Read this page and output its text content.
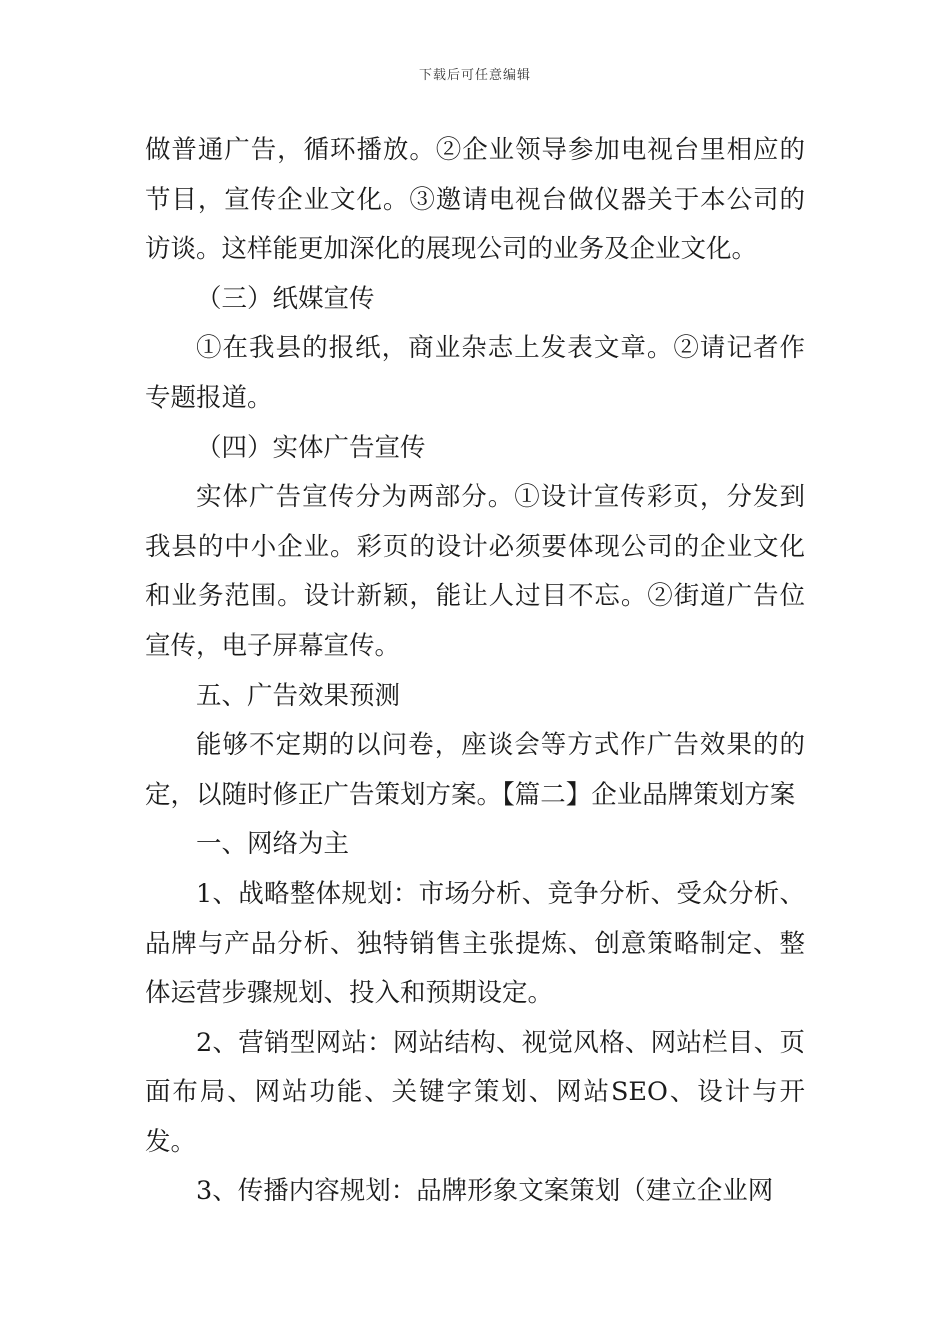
下载后可任意编辑

做普通广告，循环播放。②企业领导参加电视台里相应的节目，宣传企业文化。③邀请电视台做仪器关于本公司的访谈。这样能更加深化的展现公司的业务及企业文化。

（三）纸媒宣传

①在我县的报纸，商业杂志上发表文章。②请记者作专题报道。

（四）实体广告宣传

实体广告宣传分为两部分。①设计宣传彩页，分发到我县的中小企业。彩页的设计必须要体现公司的企业文化和业务范围。设计新颖，能让人过目不忘。②街道广告位宣传，电子屏幕宣传。

五、广告效果预测

能够不定期的以问卷，座谈会等方式作广告效果的的定，以随时修正广告策划方案。【篇二】企业品牌策划方案

一、网络为主

1、战略整体规划：市场分析、竞争分析、受众分析、品牌与产品分析、独特销售主张提炼、创意策略制定、整体运营步骤规划、投入和预期设定。

2、营销型网站：网站结构、视觉风格、网站栏目、页面布局、网站功能、关键字策划、网站SEO、设计与开发。

3、传播内容规划：品牌形象文案策划（建立企业网
